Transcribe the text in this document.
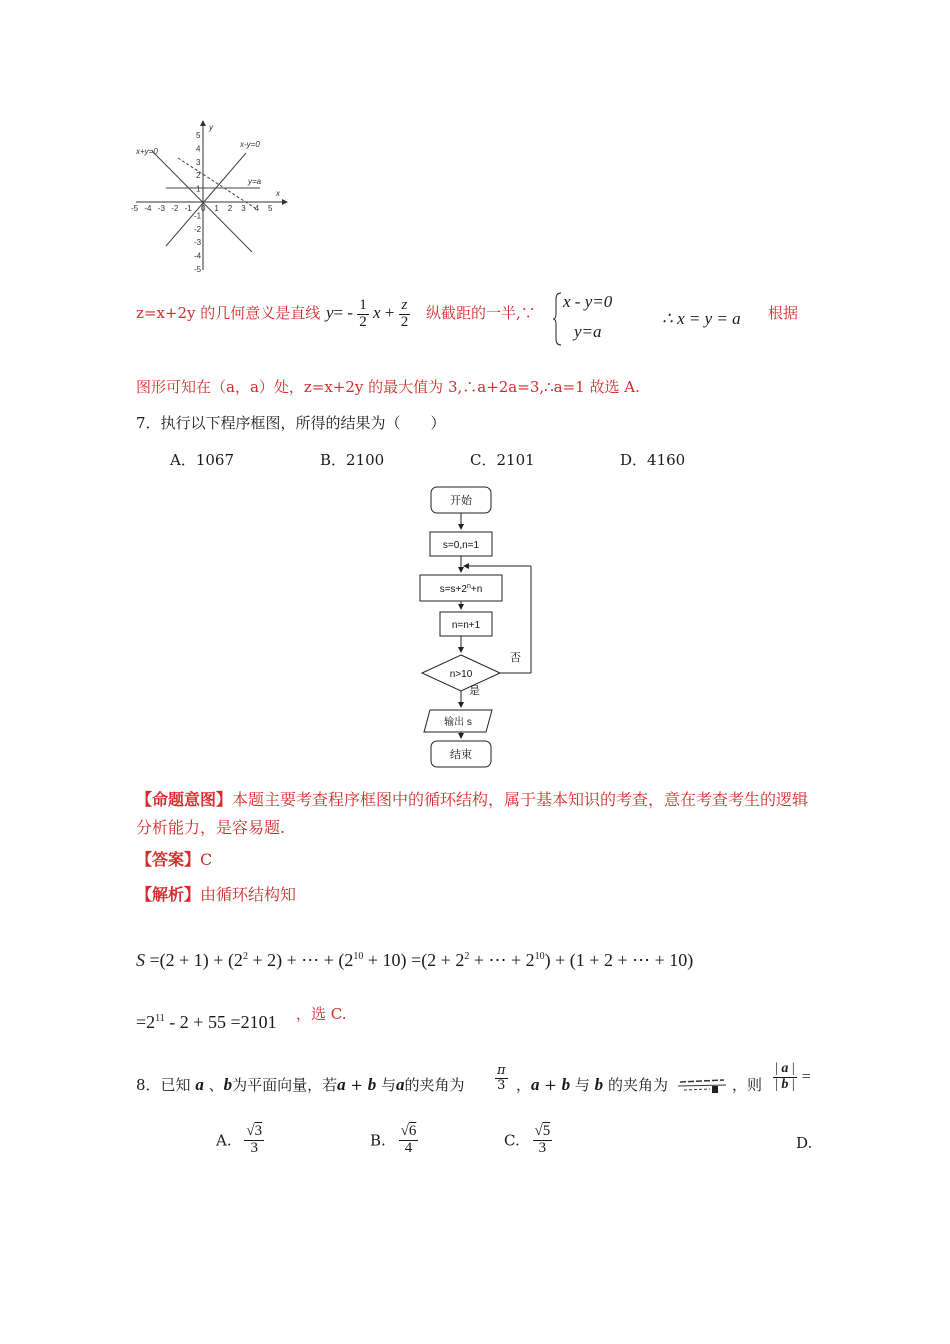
-5 -4 -3 -2 -1 0 1 2 3 4 5
5
4
3
2
1
-1
-2
-3
-4
-5
x
y
x+y=0
x-y=0
y=a
z=x+2y 的几何意义是直线 $y= - \frac{1}{2}$ $x + \frac{z}{2}$ 纵截距的一半,∵
x - y=0
y=a
∴ x = y = a 根据
图形可知在（a，a）处，z=x+2y 的最大值为 3,∴a+2a=3,∴a=1 故选 A.
7．执行以下程序框图，所得的结果为（　　）
A．1067	B．2100	C．2101	D．4160
开始
s=0,n=1
$s=s+2^n+n$
n=n+1
n>10
否
是
输出 s
结束
【命题意图】本题主要考查程序框图中的循环结构，属于基本知识的考查，意在考查考生的逻辑
分析能力，是容易题.
【答案】C
【解析】由循环结构知
$S =(2 + 1) + (2^2 + 2)$ + ⋯ + $(2^{10} + 10) =(2 + 2^2$ + ⋯ + $2^{10}) + (1 + 2$ + ⋯ + 10)
$=2^{11} - 2 + 55 =2101$ ，选 C.
8．已知 a 、b为平面向量，若a + b 与a的夹角为 $\frac{\pi}{3}$ ，a + b 与 b 的夹角为	，则 $\frac{| a |}{| b |}$ =
A. $\frac{√3}{3}$	B. $\frac{√6}{4}$	C. $\frac{√5}{3}$	D.
